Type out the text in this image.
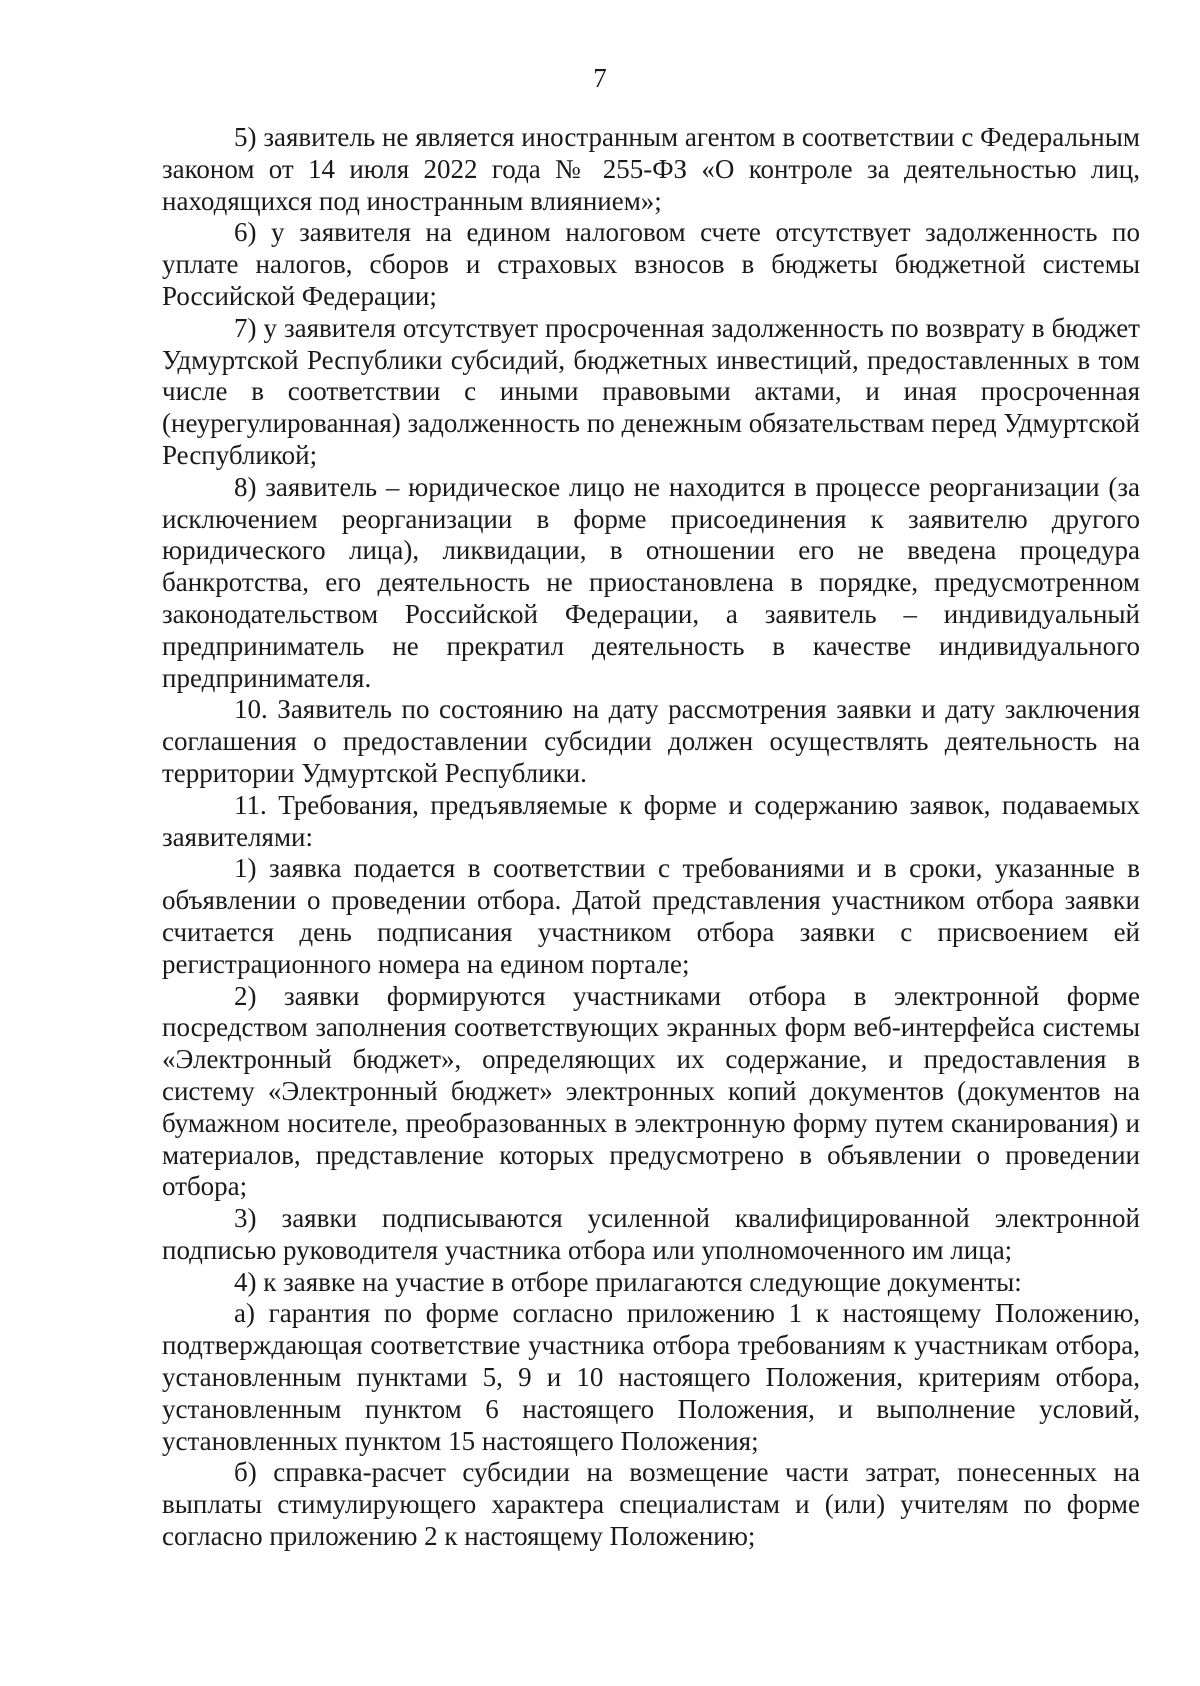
7

5) заявитель не является иностранным агентом в соответствии с Федеральным законом от 14 июля 2022 года № 255-ФЗ «О контроле за деятельностью лиц, находящихся под иностранным влиянием»;

6) у заявителя на едином налоговом счете отсутствует задолженность по уплате налогов, сборов и страховых взносов в бюджеты бюджетной системы Российской Федерации;

7) у заявителя отсутствует просроченная задолженность по возврату в бюджет Удмуртской Республики субсидий, бюджетных инвестиций, предоставленных в том числе в соответствии с иными правовыми актами, и иная просроченная (неурегулированная) задолженность по денежным обязательствам перед Удмуртской Республикой;

8) заявитель – юридическое лицо не находится в процессе реорганизации (за исключением реорганизации в форме присоединения к заявителю другого юридического лица), ликвидации, в отношении его не введена процедура банкротства, его деятельность не приостановлена в порядке, предусмотренном законодательством Российской Федерации, а заявитель – индивидуальный предприниматель не прекратил деятельность в качестве индивидуального предпринимателя.

10. Заявитель по состоянию на дату рассмотрения заявки и дату заключения соглашения о предоставлении субсидии должен осуществлять деятельность на территории Удмуртской Республики.

11. Требования, предъявляемые к форме и содержанию заявок, подаваемых заявителями:

1) заявка подается в соответствии с требованиями и в сроки, указанные в объявлении о проведении отбора. Датой представления участником отбора заявки считается день подписания участником отбора заявки с присвоением ей регистрационного номера на едином портале;

2) заявки формируются участниками отбора в электронной форме посредством заполнения соответствующих экранных форм веб-интерфейса системы «Электронный бюджет», определяющих их содержание, и предоставления в систему «Электронный бюджет» электронных копий документов (документов на бумажном носителе, преобразованных в электронную форму путем сканирования) и материалов, представление которых предусмотрено в объявлении о проведении отбора;

3) заявки подписываются усиленной квалифицированной электронной подписью руководителя участника отбора или уполномоченного им лица;

4) к заявке на участие в отборе прилагаются следующие документы:

а) гарантия по форме согласно приложению 1 к настоящему Положению, подтверждающая соответствие участника отбора требованиям к участникам отбора, установленным пунктами 5, 9 и 10 настоящего Положения, критериям отбора, установленным пунктом 6 настоящего Положения, и выполнение условий, установленных пунктом 15 настоящего Положения;

б) справка-расчет субсидии на возмещение части затрат, понесенных на выплаты стимулирующего характера специалистам и (или) учителям по форме согласно приложению 2 к настоящему Положению;
